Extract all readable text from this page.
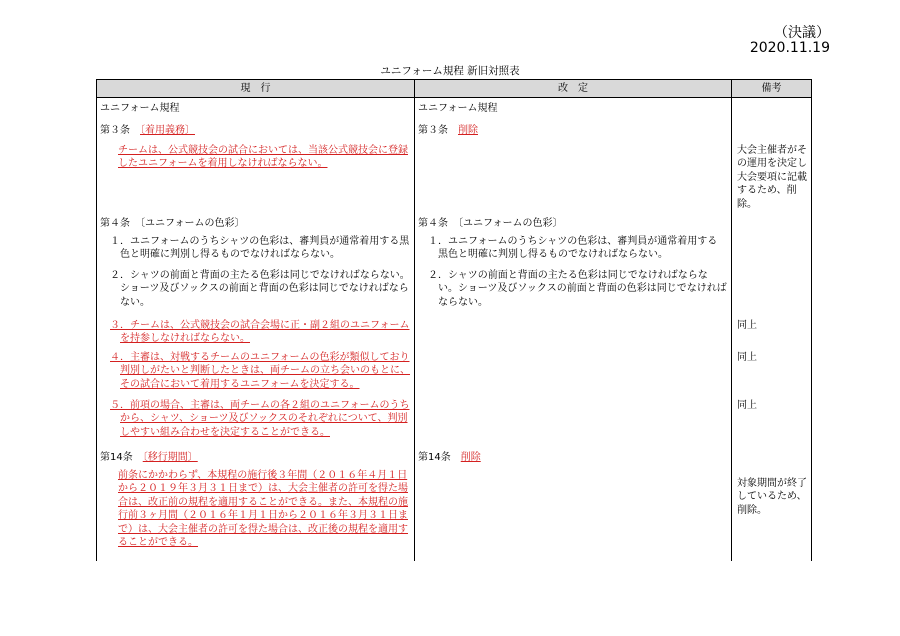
（決議）
2020.11.19
ユニフォーム規程 新旧対照表
現　行	改　定	備考
ユニフォーム規程	ユニフォーム規程	
第３条　〔着用義務〕	第３条　削除	

チームは、公式競技会の試合においては、当該公式競技会に登録したユニフォームを着用しなければならない。		大会主催者がその運用を決定し大会要項に記載するため、削除。

第４条　〔ユニフォームの色彩〕	第４条　〔ユニフォームの色彩〕	

１．ユニフォームのうちシャツの色彩は、審判員が通常着用する黒色と明確に判別し得るものでなければならない。	１．ユニフォームのうちシャツの色彩は、審判員が通常着用する黒色と明確に判別し得るものでなければならない。	

２．シャツの前面と背面の主たる色彩は同じでなければならない。ショーツ及びソックスの前面と背面の色彩は同じでなければならない。	２．シャツの前面と背面の主たる色彩は同じでなければならない。ショーツ及びソックスの前面と背面の色彩は同じでなければならない。	

３．チームは、公式競技会の試合会場に正・副２組のユニフォームを持参しなければならない。		同上

４．主審は、対戦するチームのユニフォームの色彩が類似しており判別しがたいと判断したときは、両チームの立ち会いのもとに、その試合において着用するユニフォームを決定する。		同上

５．前項の場合、主審は、両チームの各２組のユニフォームのうちから、シャツ、ショーツ及びソックスのそれぞれについて、判別しやすい組み合わせを決定することができる。		同上

第14条　〔移行期間〕	第14条　削除	

前条にかかわらず、本規程の施行後３年間（２０１６年４月１日から２０１９年３月３１日まで）は、大会主催者の許可を得た場合は、改正前の規程を適用することができる。また、本規程の施行前３ヶ月間（２０１６年１月１日から２０１６年３月３１日まで）は、大会主催者の許可を得た場合は、改正後の規程を適用することができる。		対象期間が終了しているため、削除。
